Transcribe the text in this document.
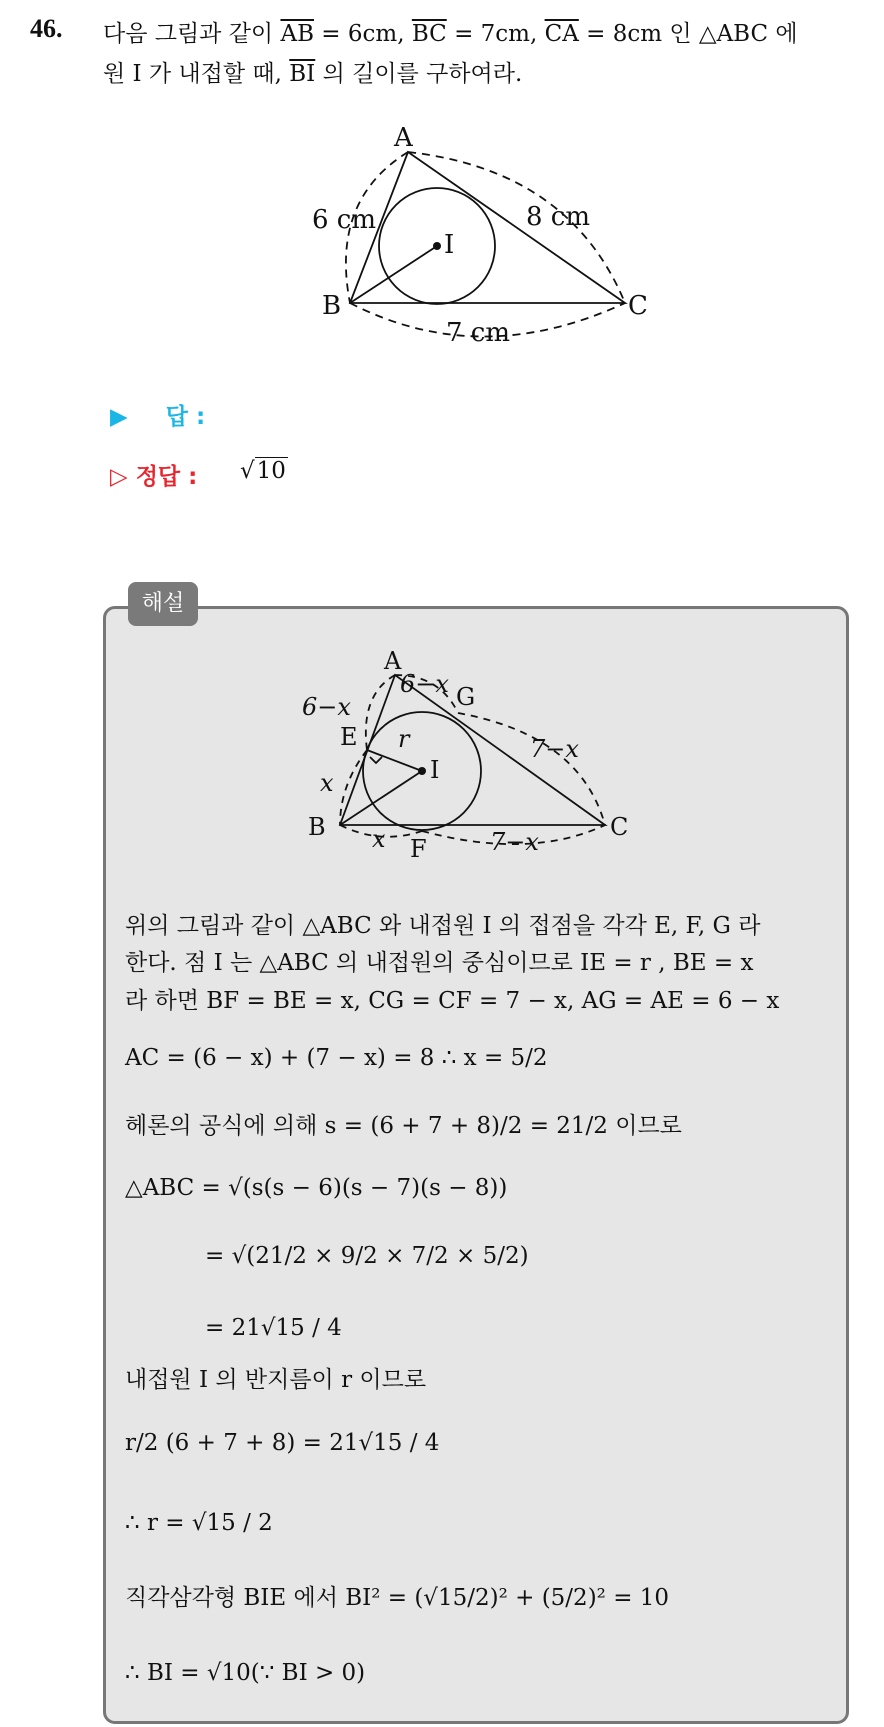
46. 다음 그림과 같이 $\overline{AB} = 6cm$, $\overline{BC} = 7cm$, $\overline{CA} = 8cm$ 인 △ABC 에
원 I 가 내접할 때, $\overline{BI}$ 의 길이를 구하여라.
A
B	C
I
6 cm	8 cm
7 cm
▶ 답 :
▷ 정답 : √10
해설
A
B	C
E
F
G
I
r
6−x
6−x
7−x
x
x	7−x
위의 그림과 같이 △ABC 와 내접원 I 의 접점을 각각 E, F, G 라
한다. 점 I 는 △ABC 의 내접원의 중심이므로 IE = r , BE = x
라 하면 BF = BE = x, CG = CF = 7 − x, AG = AE = 6 − x
AC = (6 − x) + (7 − x) = 8 ∴ x = 5/2
헤론의 공식에 의해 s = (6 + 7 + 8)/2 = 21/2 이므로
△ABC = √(s(s − 6)(s − 7)(s − 8))
= √(21/2 × 9/2 × 7/2 × 5/2)
= 21√15 / 4
내접원 I 의 반지름이 r 이므로
r/2 (6 + 7 + 8) = 21√15 / 4
∴ r = √15 / 2
직각삼각형 BIE 에서 BI² = (√15/2)² + (5/2)² = 10
∴ BI = √10(∵ BI > 0)
